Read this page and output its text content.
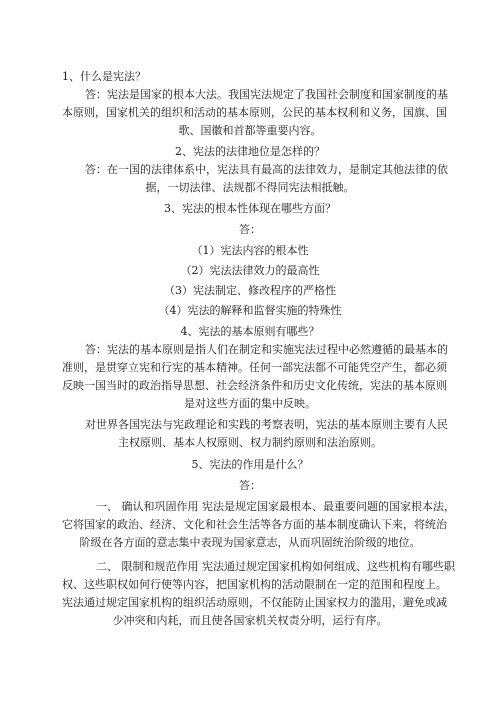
1、什么是宪法？
答：宪法是国家的根本大法。我国宪法规定了我国社会制度和国家制度的基
本原则，国家机关的组织和活动的基本原则，公民的基本权利和义务，国旗、国
歌、国徽和首都等重要内容。
2、宪法的法律地位是怎样的？
答：在一国的法律体系中，宪法具有最高的法律效力，是制定其他法律的依
据，一切法律、法规都不得同宪法相抵触。
3、宪法的根本性体现在哪些方面？
答：
（1）宪法内容的根本性
（2）宪法法律效力的最高性
（3）宪法制定、修改程序的严格性
（4）宪法的解释和监督实施的特殊性
4、宪法的基本原则有哪些？
答：宪法的基本原则是指人们在制定和实施宪法过程中必然遵循的最基本的
准则，是贯穿立宪和行宪的基本精神。任何一部宪法都不可能凭空产生，都必须
反映一国当时的政治指导思想、社会经济条件和历史文化传统，宪法的基本原则
是对这些方面的集中反映。
对世界各国宪法与宪政理论和实践的考察表明，宪法的基本原则主要有人民
主权原则、基本人权原则、权力制约原则和法治原则。
5、宪法的作用是什么？
答：
一、 确认和巩固作用 宪法是规定国家最根本、最重要问题的国家根本法，
它将国家的政治、经济、文化和社会生活等各方面的基本制度确认下来，将统治
阶级在各方面的意志集中表现为国家意志，从而巩固统治阶级的地位。
二、 限制和规范作用 宪法通过规定国家机构如何组成、这些机构有哪些职
权、这些职权如何行使等内容，把国家机构的活动限制在一定的范围和程度上。
宪法通过规定国家机构的组织活动原则，不仅能防止国家权力的滥用，避免或减
少冲突和内耗，而且使各国家机关权责分明，运行有序。
